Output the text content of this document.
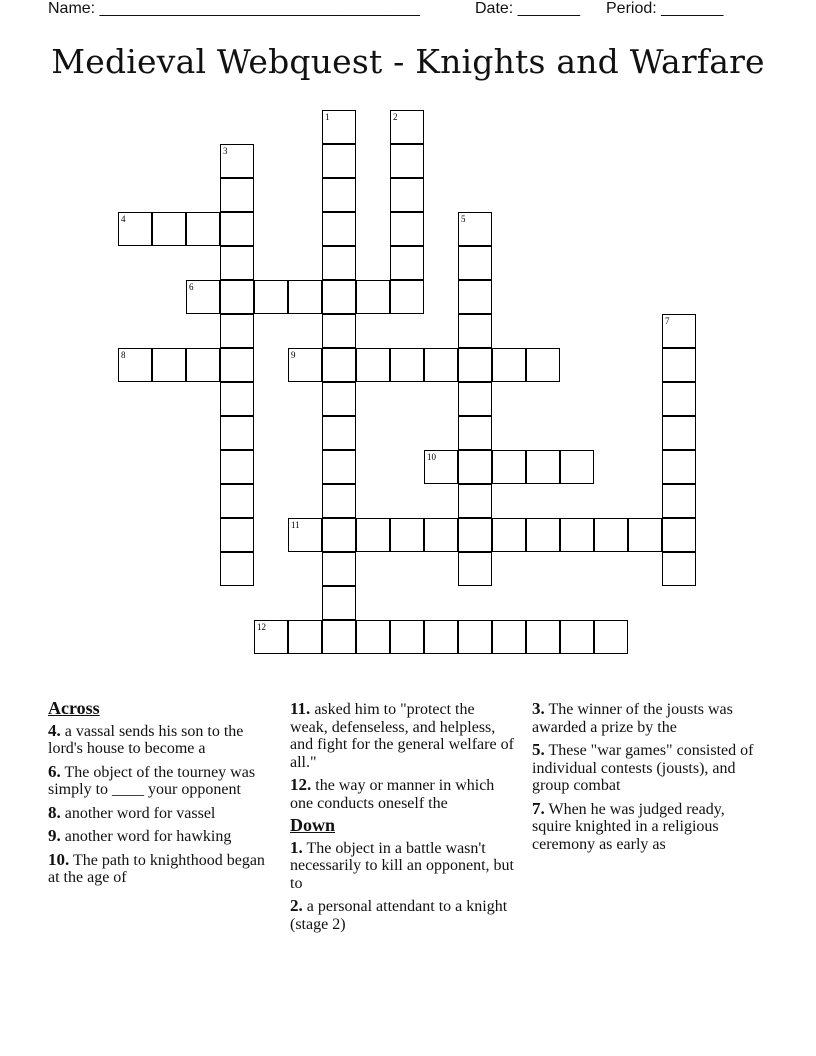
Name: ____________________________________

	Date: _______

Period: _______

Medieval Webquest - Knights and Warfare
1	2
3
4	5
6
7
8	9
10
11
12
Across
4. a vassal sends his son to the lord's house to become a
6. The object of the tourney was simply to ____ your opponent
8. another word for vassel
9. another word for hawking
10. The path to knighthood began at the age of
11. asked him to "protect the weak, defenseless, and helpless, and fight for the general welfare of all."
12. the way or manner in which one conducts oneself the
Down
1. The object in a battle wasn't necessarily to kill an opponent, but to
2. a personal attendant to a knight (stage 2)
3. The winner of the jousts was awarded a prize by the
5. These "war games" consisted of individual contests (jousts), and group combat
7. When he was judged ready, squire knighted in a religious ceremony as early as
